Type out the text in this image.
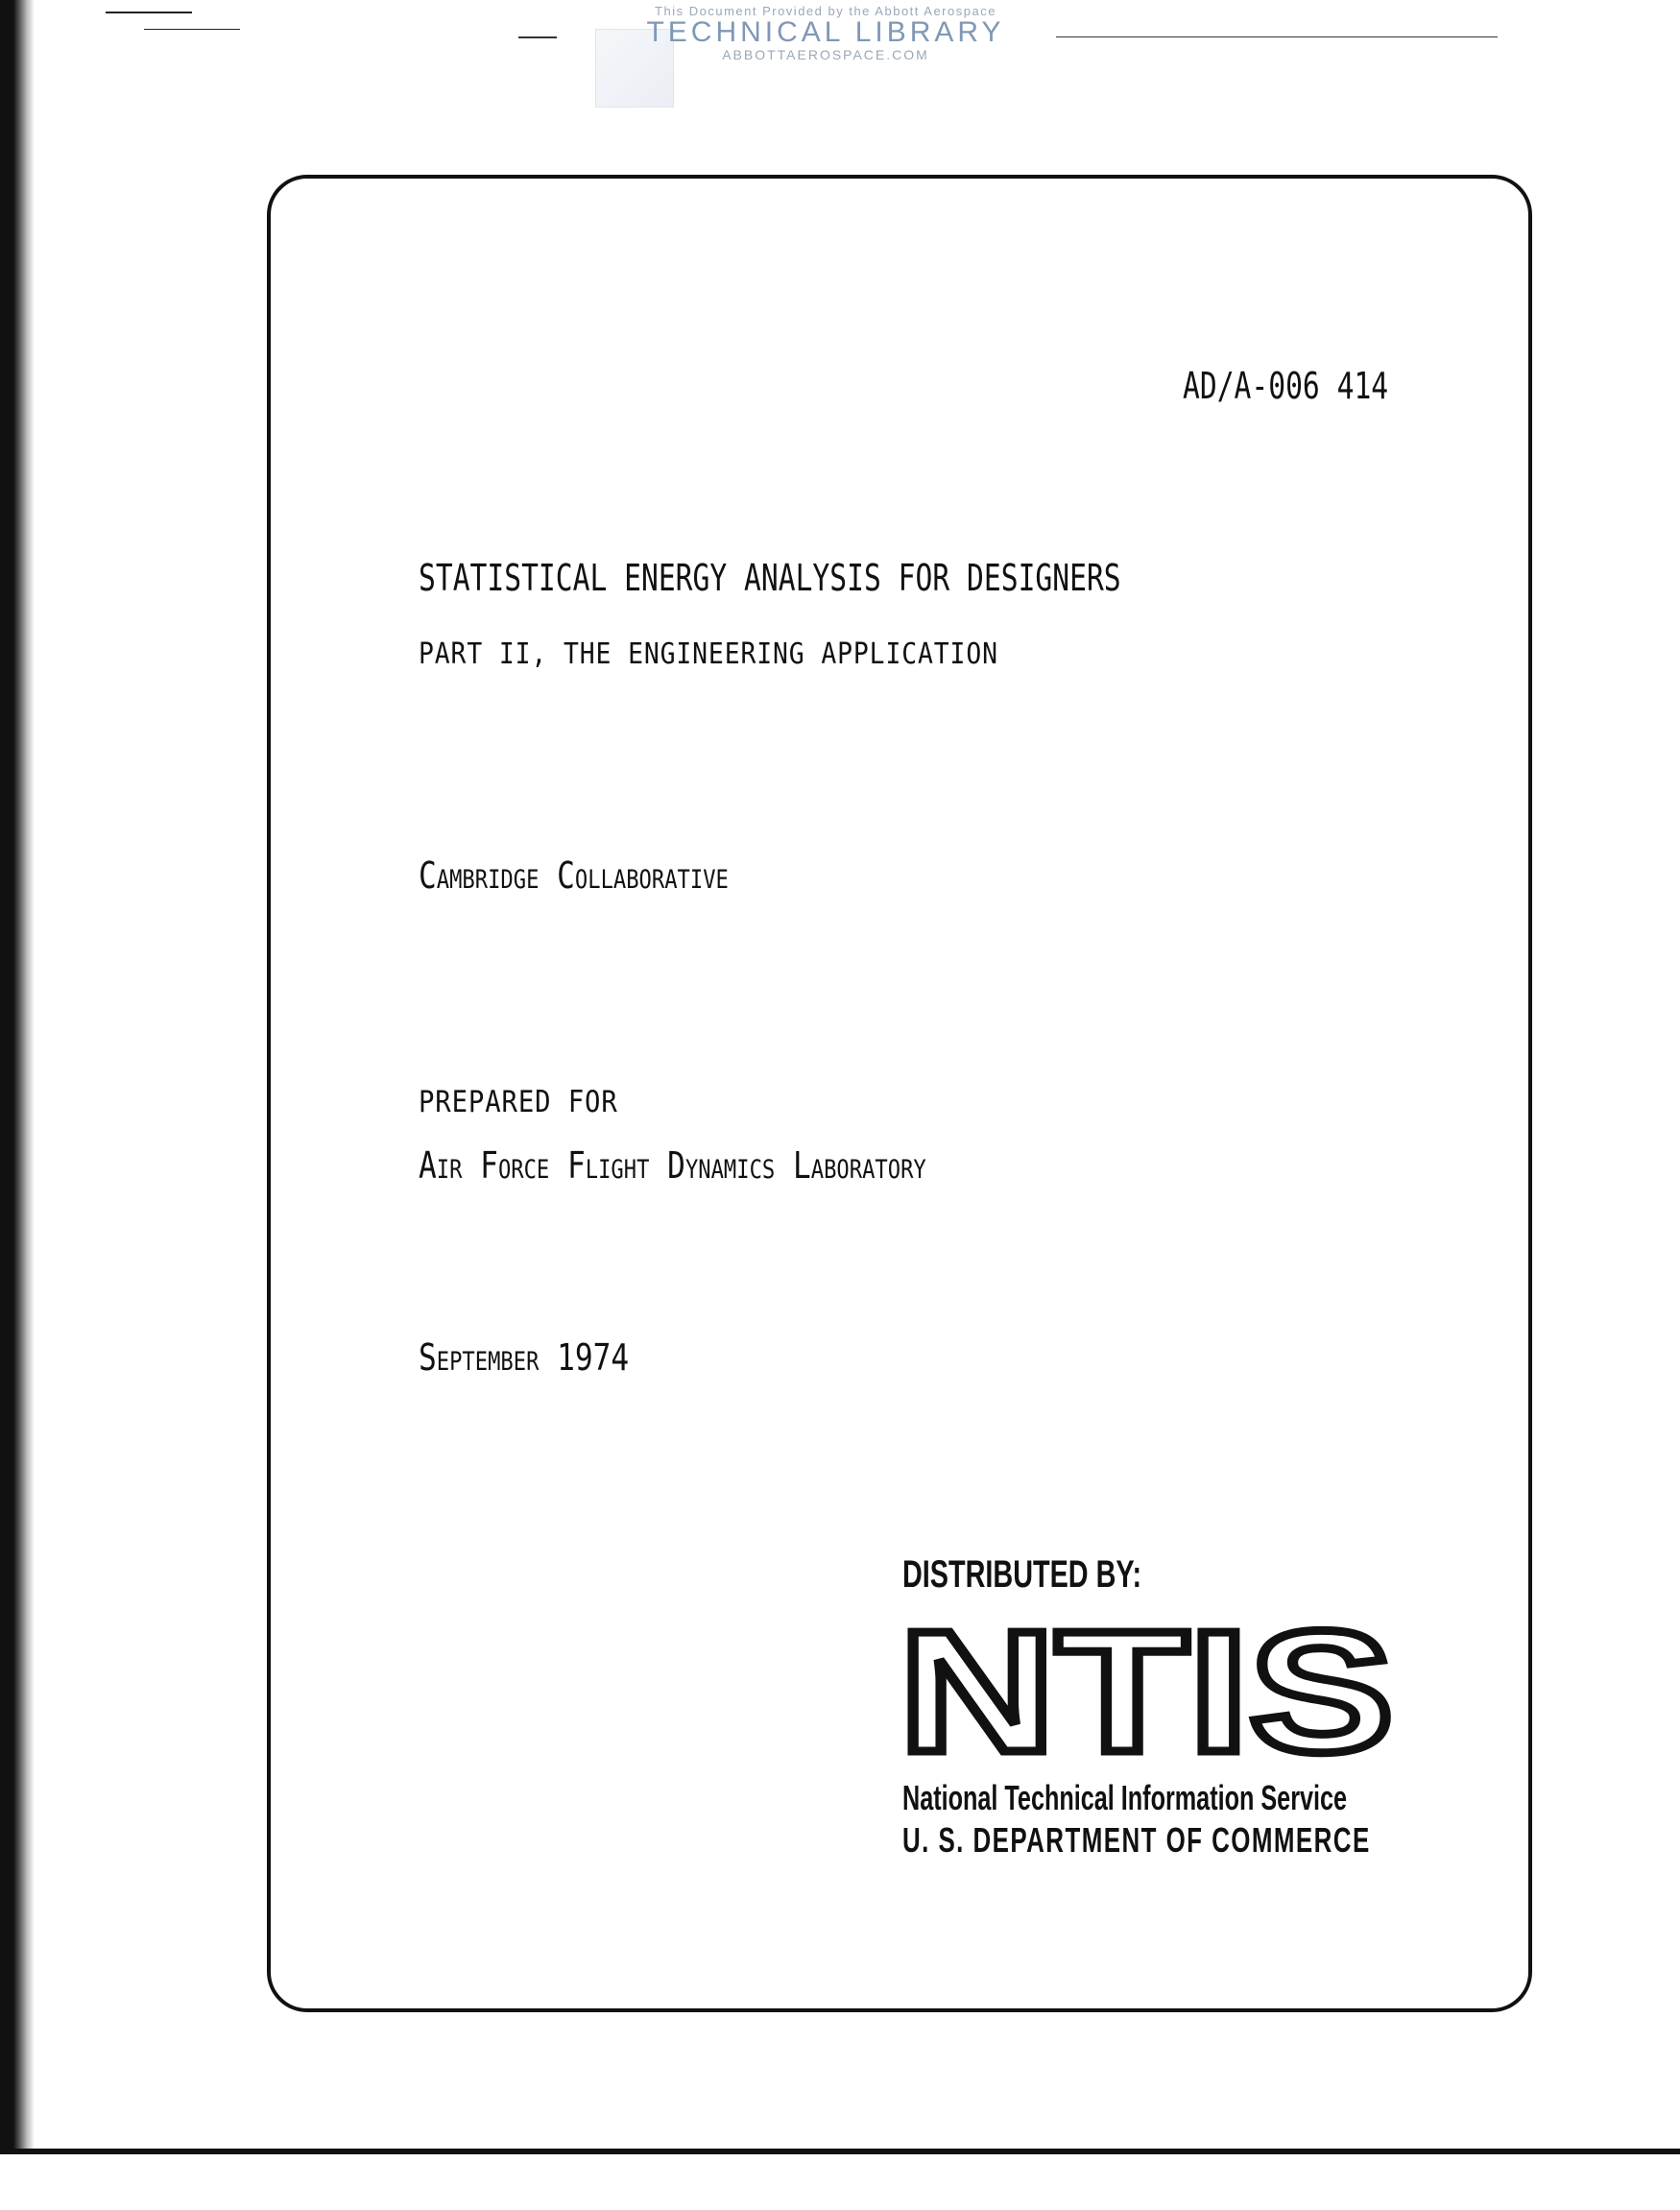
This Document Provided by the Abbott Aerospace
TECHNICAL LIBRARY
ABBOTTAEROSPACE.COM
AD/A-006 414
STATISTICAL ENERGY ANALYSIS FOR DESIGNERS
PART II, THE ENGINEERING APPLICATION
Cambridge Collaborative
PREPARED FOR
Air Force Flight Dynamics Laboratory
September 1974
DISTRIBUTED BY:
NTIS
National Technical Information Service
U. S. DEPARTMENT OF COMMERCE
